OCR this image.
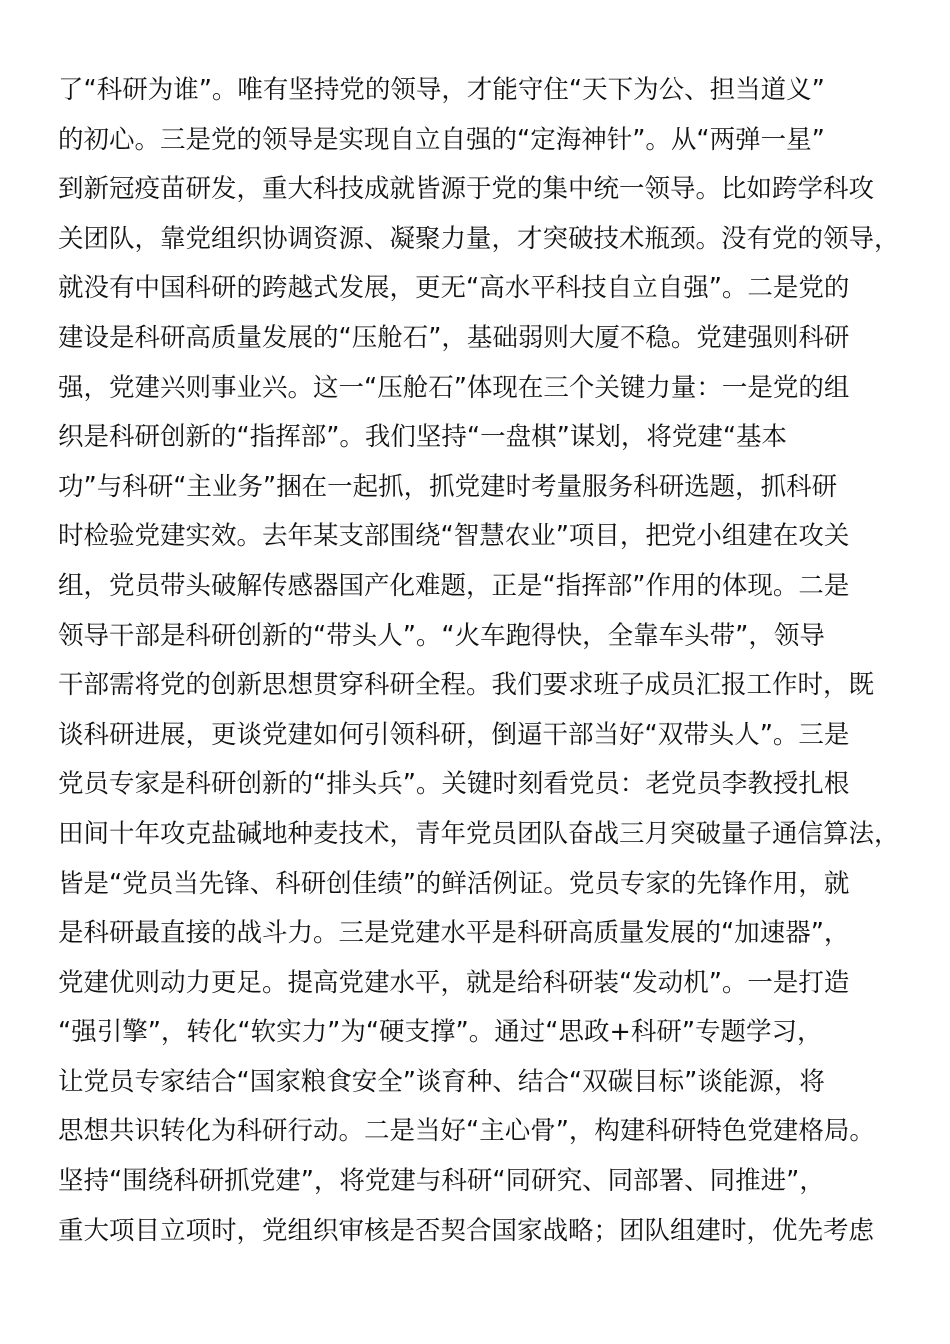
了“科研为谁”。唯有坚持党的领导，才能守住“天下为公、担当道义”
的初心。三是党的领导是实现自立自强的“定海神针”。从“两弹一星”
到新冠疫苗研发，重大科技成就皆源于党的集中统一领导。比如跨学科攻
关团队，靠党组织协调资源、凝聚力量，才突破技术瓶颈。没有党的领导，
就没有中国科研的跨越式发展，更无“高水平科技自立自强”。二是党的
建设是科研高质量发展的“压舱石”，基础弱则大厦不稳。党建强则科研
强，党建兴则事业兴。这一“压舱石”体现在三个关键力量：一是党的组
织是科研创新的“指挥部”。我们坚持“一盘棋”谋划，将党建“基本
功”与科研“主业务”捆在一起抓，抓党建时考量服务科研选题，抓科研
时检验党建实效。去年某支部围绕“智慧农业”项目，把党小组建在攻关
组，党员带头破解传感器国产化难题，正是“指挥部”作用的体现。二是
领导干部是科研创新的“带头人”。“火车跑得快，全靠车头带”，领导
干部需将党的创新思想贯穿科研全程。我们要求班子成员汇报工作时，既
谈科研进展，更谈党建如何引领科研，倒逼干部当好“双带头人”。三是
党员专家是科研创新的“排头兵”。关键时刻看党员：老党员李教授扎根
田间十年攻克盐碱地种麦技术，青年党员团队奋战三月突破量子通信算法，
皆是“党员当先锋、科研创佳绩”的鲜活例证。党员专家的先锋作用，就
是科研最直接的战斗力。三是党建水平是科研高质量发展的“加速器”，
党建优则动力更足。提高党建水平，就是给科研装“发动机”。一是打造
“强引擎”，转化“软实力”为“硬支撑”。通过“思政+科研”专题学习，
让党员专家结合“国家粮食安全”谈育种、结合“双碳目标”谈能源，将
思想共识转化为科研行动。二是当好“主心骨”，构建科研特色党建格局。
坚持“围绕科研抓党建”，将党建与科研“同研究、同部署、同推进”，
重大项目立项时，党组织审核是否契合国家战略；团队组建时，优先考虑
